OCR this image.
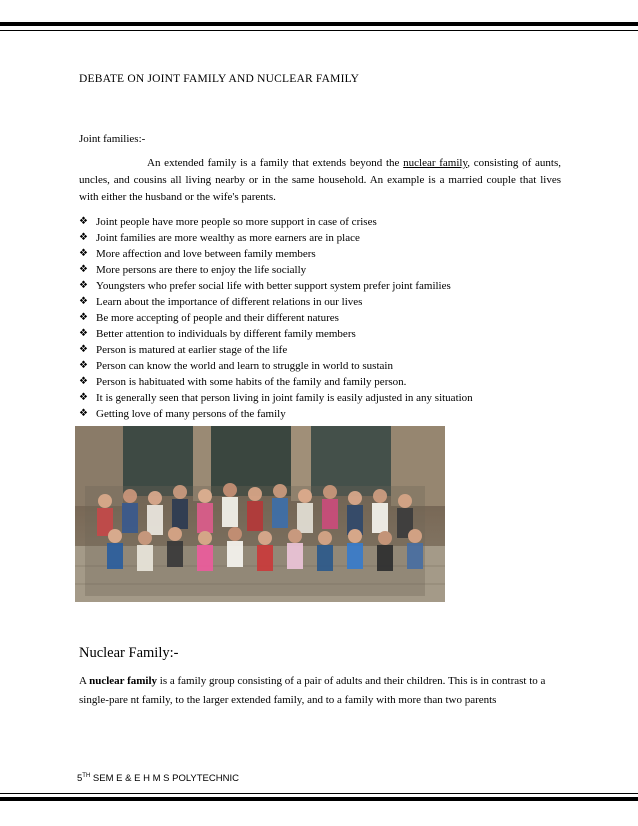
DEBATE ON JOINT FAMILY AND NUCLEAR FAMILY
Joint families:-

An extended family is a family that extends beyond the nuclear family, consisting of aunts, uncles, and cousins all living nearby or in the same household. An example is a married couple that lives with either the husband or the wife's parents.

❖ Joint people have more people so more support in case of crises
❖ Joint families are more wealthy as more earners are in place
❖ More affection and love between family members
❖ More persons are there to enjoy the life socially
❖ Youngsters who prefer social life with better support system prefer joint families
❖ Learn about the importance of different relations in our lives
❖ Be more accepting of people and their different natures
❖ Better attention to individuals by different family members
❖ Person is matured at earlier stage of the life
❖ Person can know the world and learn to struggle in world to sustain
❖ Person is habituated with some habits of the family and family person.
❖ It is generally seen that person living in joint family is easily adjusted in any situation
❖ Getting love of many persons of the family
Nuclear Family:-

A nuclear family is a family group consisting of a pair of adults and their children. This is in contrast to a single-pare nt family, to the larger extended family, and to a family with more than two parents

5TH SEM E & E H M S POLYTECHNIC
